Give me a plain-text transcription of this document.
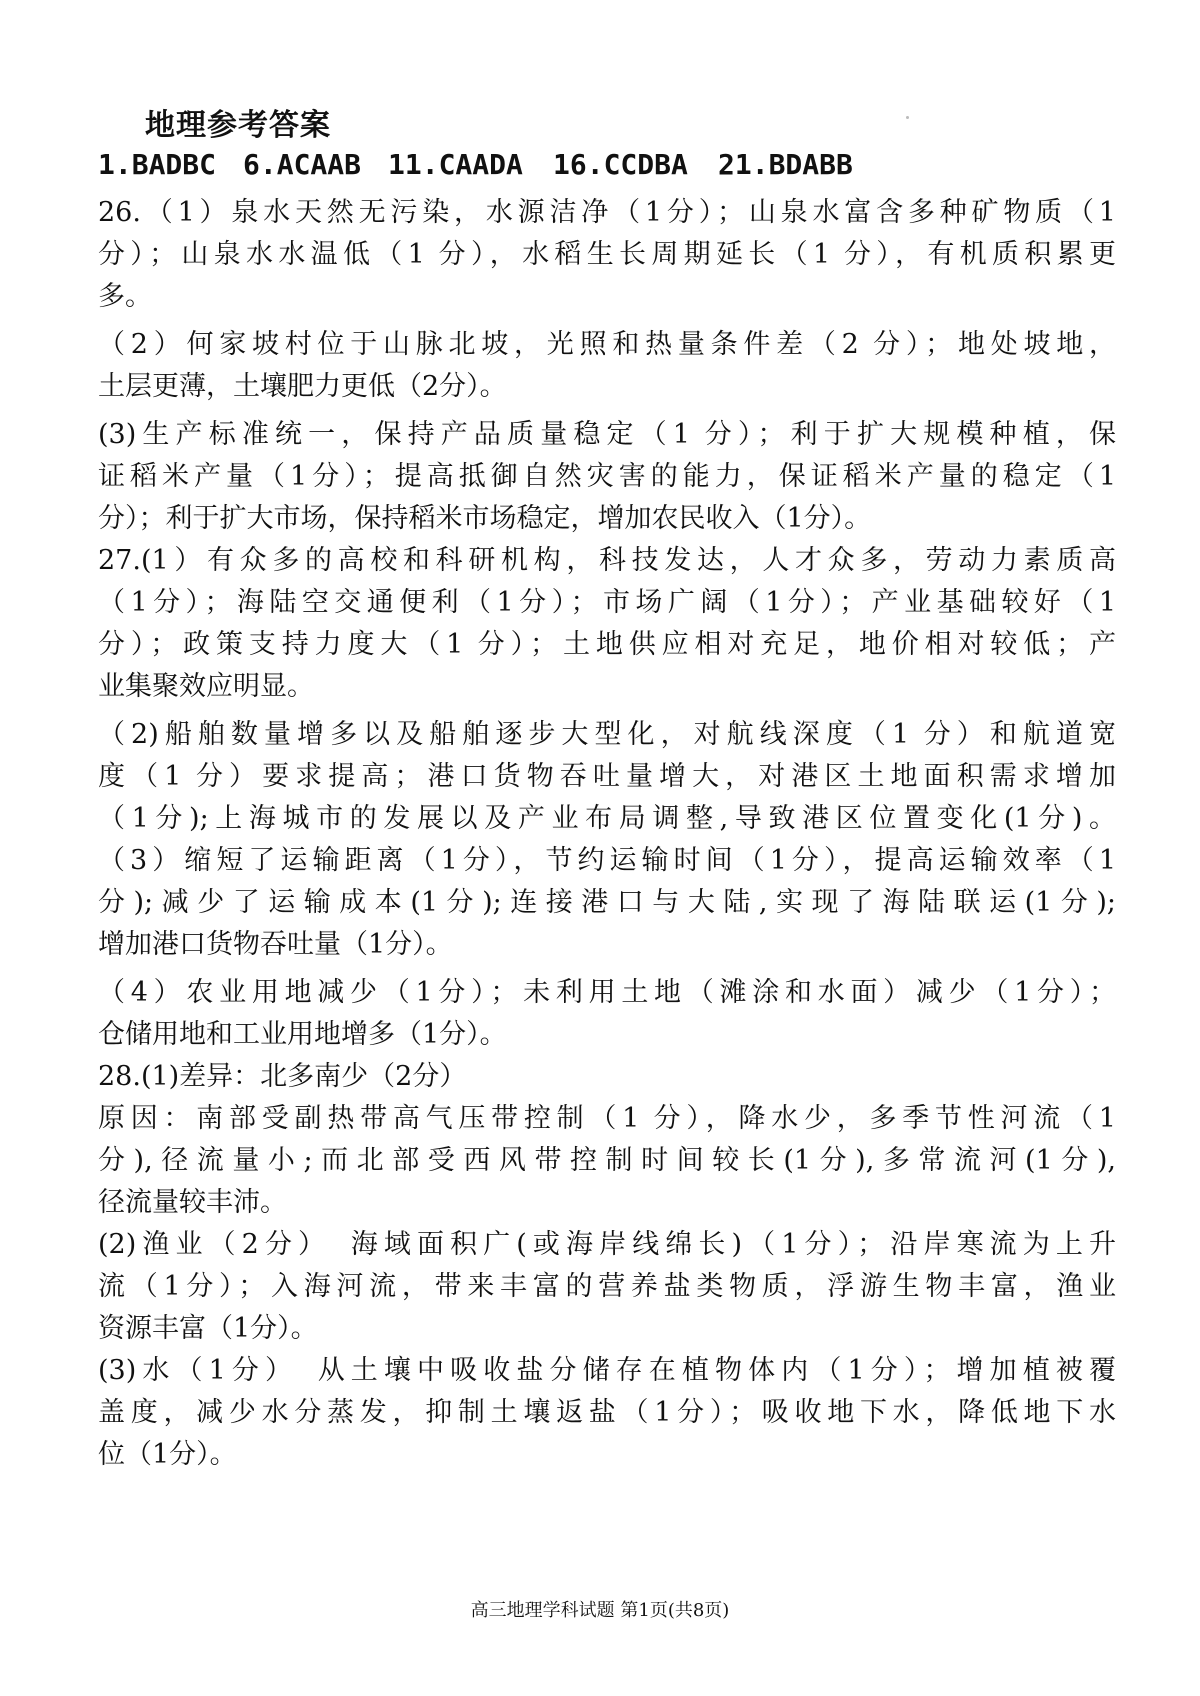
地理参考答案
1.BADBC 6.ACAAB 11.CAADA 16.CCDBA 21.BDABB
26.（1）泉水天然无污染，水源洁净（1分）；山泉水富含多种矿物质（1
分）；山泉水水温低（1 分），水稻生长周期延长（1 分），有机质积累更
多。
（2）何家坡村位于山脉北坡，光照和热量条件差（2 分）；地处坡地，
土层更薄，土壤肥力更低（2分）。
(3)生产标准统一，保持产品质量稳定（1 分）；利于扩大规模种植，保
证稻米产量（1分）；提高抵御自然灾害的能力，保证稻米产量的稳定（1
分）；利于扩大市场，保持稻米市场稳定，增加农民收入（1分）。
27.(1）有众多的高校和科研机构，科技发达，人才众多，劳动力素质高
（1分）；海陆空交通便利（1分）；市场广阔（1分）；产业基础较好（1
分）；政策支持力度大（1 分）；土地供应相对充足，地价相对较低；产
业集聚效应明显。
（2)船舶数量增多以及船舶逐步大型化，对航线深度（1 分）和航道宽
度（1 分）要求提高；港口货物吞吐量增大，对港区土地面积需求增加
（1分);上海城市的发展以及产业布局调整,导致港区位置变化(1分)。
（3）缩短了运输距离（1分），节约运输时间（1分），提高运输效率（1
分);减少了运输成本(1分);连接港口与大陆,实现了海陆联运(1分);
增加港口货物吞吐量（1分）。
（4）农业用地减少（1分）；未利用土地（滩涂和水面）减少（1分）；
仓储用地和工业用地增多（1分）。
28.(1)差异：北多南少（2分）
原因：南部受副热带高气压带控制（1 分），降水少，多季节性河流（1
分),径流量小;而北部受西风带控制时间较长(1分),多常流河(1分),
径流量较丰沛。
(2)渔业（2分）　海域面积广(或海岸线绵长)（1分）；沿岸寒流为上升
流（1分）；入海河流，带来丰富的营养盐类物质，浮游生物丰富，渔业
资源丰富（1分）。
(3)水（1分）　从土壤中吸收盐分储存在植物体内（1分）；增加植被覆
盖度，减少水分蒸发，抑制土壤返盐（1分）；吸收地下水，降低地下水
位（1分）。
高三地理学科试题 第1页(共8页)
